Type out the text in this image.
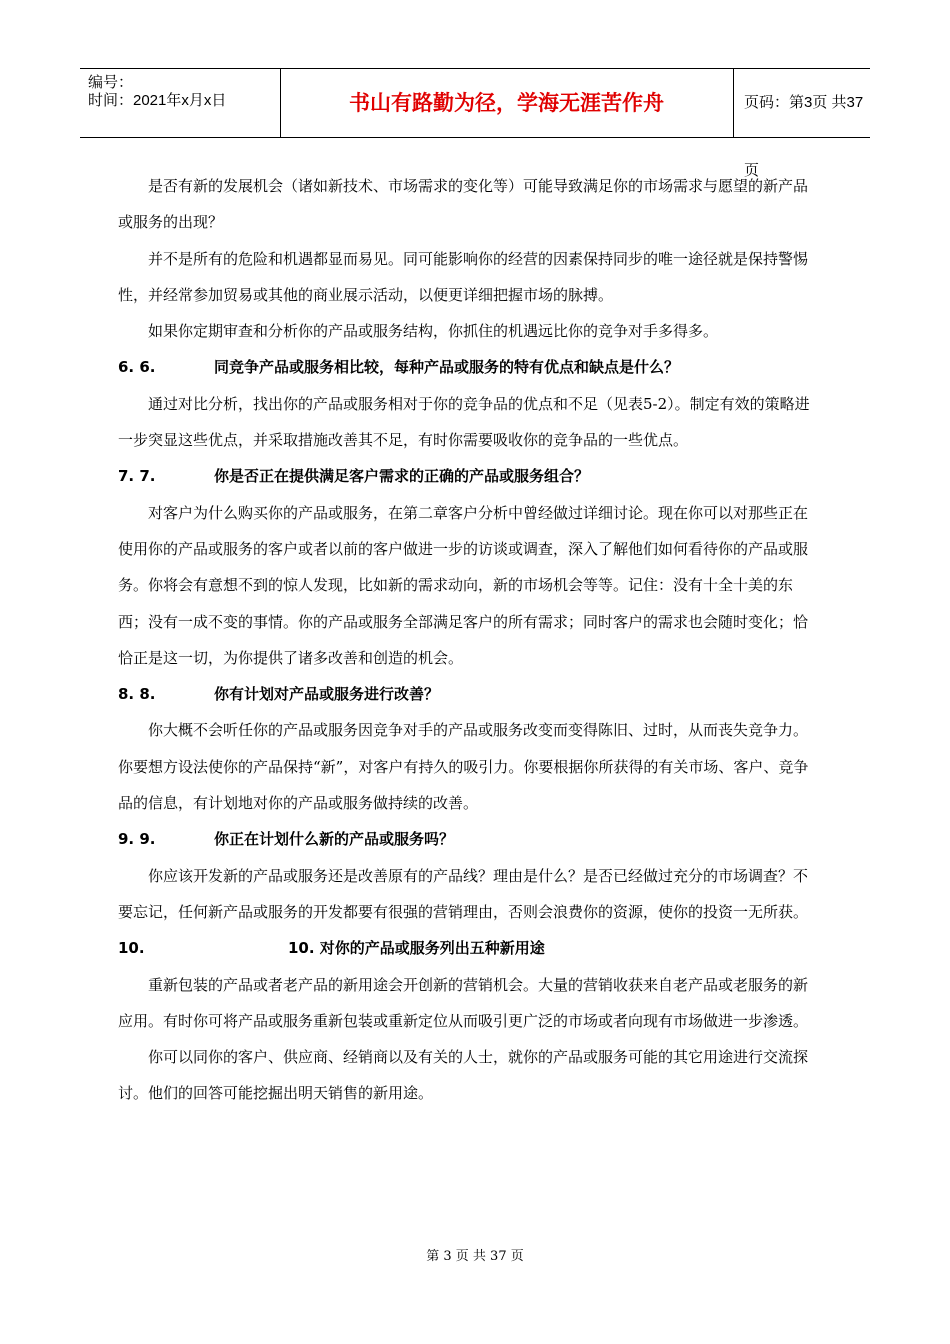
编号：
时间：2021年x月x日	书山有路勤为径，学海无涯苦作舟	页码：第3页 共37页

是否有新的发展机会（诸如新技术、市场需求的变化等）可能导致满足你的市场需求与愿望的新产品或服务的出现？

并不是所有的危险和机遇都显而易见。同可能影响你的经营的因素保持同步的唯一途径就是保持警惕性，并经常参加贸易或其他的商业展示活动，以便更详细把握市场的脉搏。

如果你定期审查和分析你的产品或服务结构，你抓住的机遇远比你的竞争对手多得多。

6. 6.	同竞争产品或服务相比较，每种产品或服务的特有优点和缺点是什么？

通过对比分析，找出你的产品或服务相对于你的竞争品的优点和不足（见表5-2）。制定有效的策略进一步突显这些优点，并采取措施改善其不足，有时你需要吸收你的竞争品的一些优点。

7. 7.	你是否正在提供满足客户需求的正确的产品或服务组合？

对客户为什么购买你的产品或服务，在第二章客户分析中曾经做过详细讨论。现在你可以对那些正在使用你的产品或服务的客户或者以前的客户做进一步的访谈或调查，深入了解他们如何看待你的产品或服务。你将会有意想不到的惊人发现，比如新的需求动向，新的市场机会等等。记住：没有十全十美的东西；没有一成不变的事情。你的产品或服务全部满足客户的所有需求；同时客户的需求也会随时变化；恰恰正是这一切，为你提供了诸多改善和创造的机会。

8. 8.	你有计划对产品或服务进行改善？

你大概不会听任你的产品或服务因竞争对手的产品或服务改变而变得陈旧、过时，从而丧失竞争力。你要想方设法使你的产品保持“新”，对客户有持久的吸引力。你要根据你所获得的有关市场、客户、竞争品的信息，有计划地对你的产品或服务做持续的改善。

9. 9.	你正在计划什么新的产品或服务吗？

你应该开发新的产品或服务还是改善原有的产品线？理由是什么？是否已经做过充分的市场调查？不要忘记，任何新产品或服务的开发都要有很强的营销理由，否则会浪费你的资源，使你的投资一无所获。

10.	10. 对你的产品或服务列出五种新用途

重新包装的产品或者老产品的新用途会开创新的营销机会。大量的营销收获来自老产品或老服务的新应用。有时你可将产品或服务重新包装或重新定位从而吸引更广泛的市场或者向现有市场做进一步渗透。

你可以同你的客户、供应商、经销商以及有关的人士，就你的产品或服务可能的其它用途进行交流探讨。他们的回答可能挖掘出明天销售的新用途。

第 3 页 共 37 页
